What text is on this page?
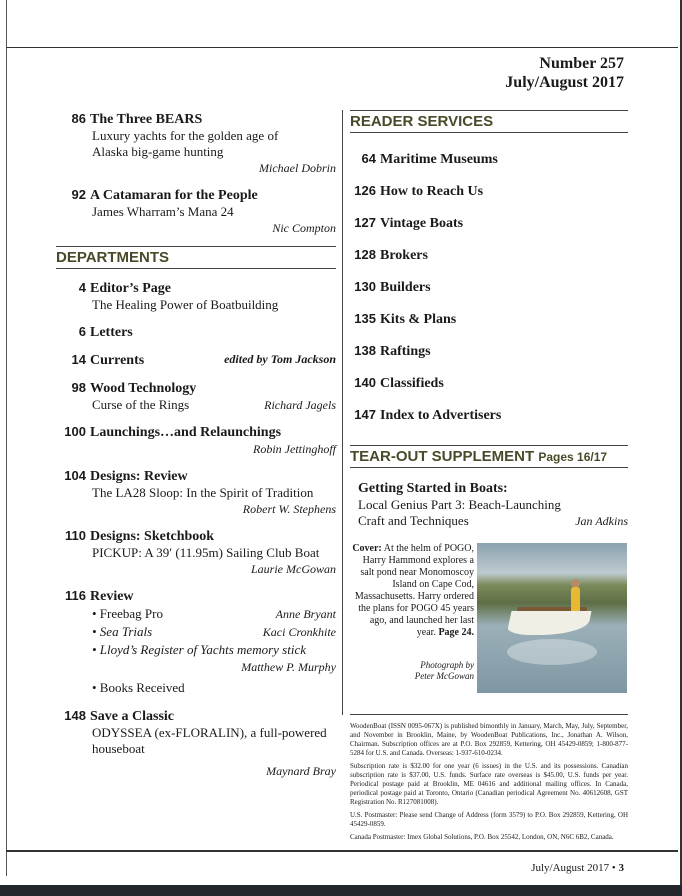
Number 257
July/August 2017
86 The Three BEARS
Luxury yachts for the golden age of
Alaska big-game hunting
Michael Dobrin
92 A Catamaran for the People
James Wharram’s Mana 24
Nic Compton
DEPARTMENTS
4 Editor’s Page
The Healing Power of Boatbuilding
6 Letters
14 Currents	edited by Tom Jackson
98 Wood Technology
Curse of the Rings	Richard Jagels
100 Launchings…and Relaunchings
Robin Jettinghoff
104 Designs: Review
The LA28 Sloop: In the Spirit of Tradition
Robert W. Stephens
110 Designs: Sketchbook
PICKUP: A 39′ (11.95m) Sailing Club Boat
Laurie McGowan
116 Review
• Freebag Pro	Anne Bryant
• Sea Trials	Kaci Cronkhite
• Lloyd’s Register of Yachts memory stick
Matthew P. Murphy
• Books Received
148 Save a Classic
ODYSSEA (ex-FLORALIN), a full-powered
houseboat
Maynard Bray
READER SERVICES
64 Maritime Museums
126 How to Reach Us
127 Vintage Boats
128 Brokers
130 Builders
135 Kits & Plans
138 Raftings
140 Classifieds
147 Index to Advertisers
TEAR-OUT SUPPLEMENT Pages 16/17
Getting Started in Boats:
Local Genius Part 3: Beach-Launching
Craft and Techniques	Jan Adkins
Cover: At the helm of POGO, Harry Hammond explores a salt pond near Monomoscoy Island on Cape Cod, Massachusetts. Harry ordered the plans for POGO 45 years ago, and launched her last year. Page 24.
Photograph by
Peter McGowan

WoodenBoat (ISSN 0095-067X) is published bimonthly in January, March, May, July, September, and November in Brooklin, Maine, by WoodenBoat Publications, Inc., Jonathan A. Wilson, Chairman. Subscription offices are at P.O. Box 292859, Kettering, OH 45429-0859; 1-800-877-5284 for U.S. and Canada. Overseas: 1-937-610-0234.

Subscription rate is $32.00 for one year (6 issues) in the U.S. and its possessions. Canadian subscription rate is $37.00, U.S. funds. Surface rate overseas is $45.00, U.S. funds per year. Periodical postage paid at Brooklin, ME 04616 and additional mailing offices. In Canada, periodical postage paid at Toronto, Ontario (Canadian periodical Agreement No. 40612608, GST Registration No. R127081008).

U.S. Postmaster: Please send Change of Address (form 3579) to P.O. Box 292859, Kettering, OH 45429-0859.

Canada Postmaster: Imex Global Solutions, P.O. Box 25542, London, ON, N6C 6B2, Canada.

July/August 2017 • 3
